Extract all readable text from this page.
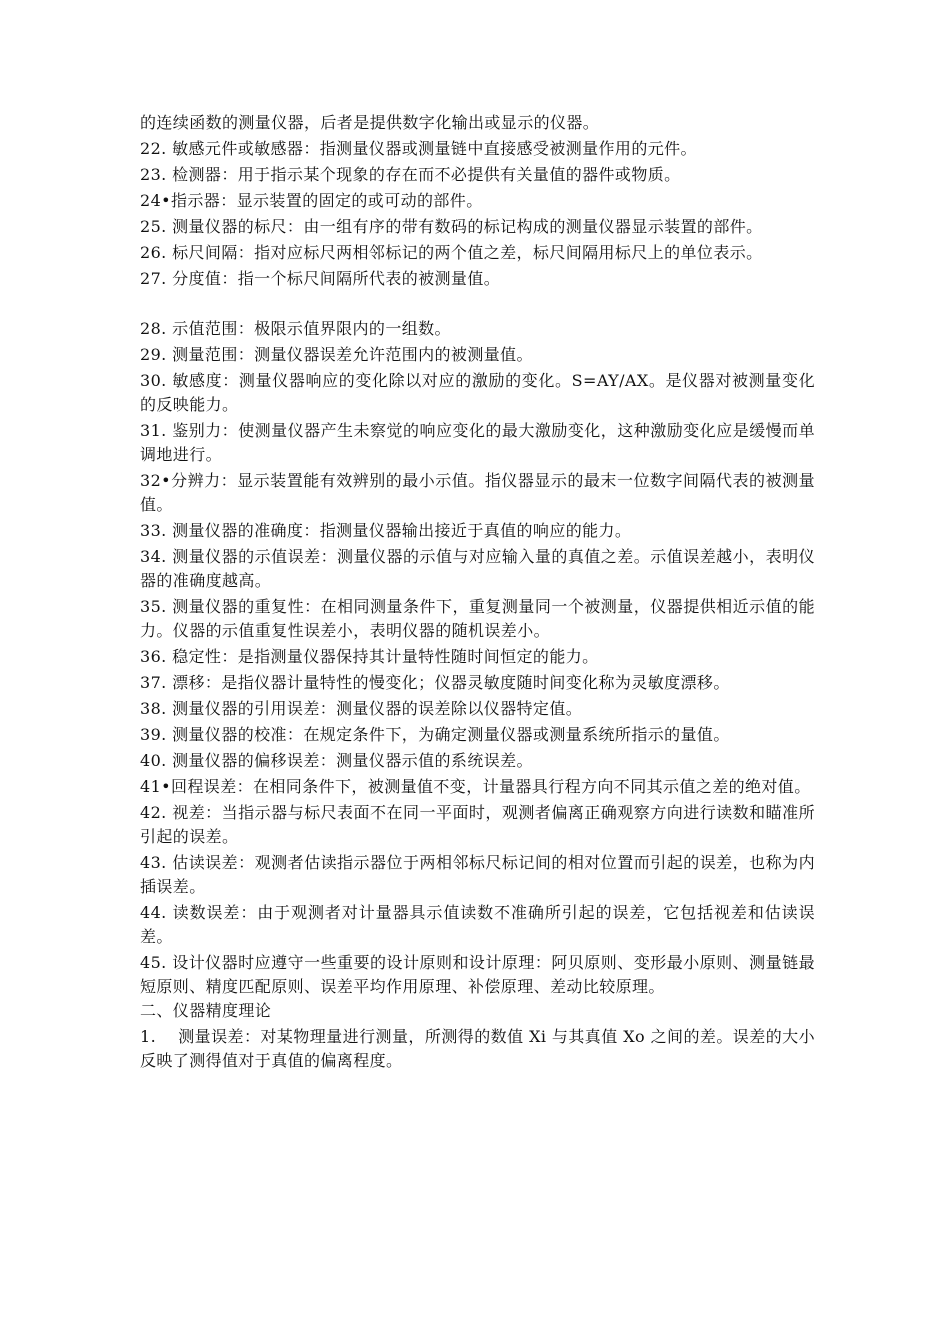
的连续函数的测量仪器，后者是提供数字化输出或显示的仪器。

22. 敏感元件或敏感器：指测量仪器或测量链中直接感受被测量作用的元件。

23. 检测器：用于指示某个现象的存在而不必提供有关量值的器件或物质。

24•指示器：显示装置的固定的或可动的部件。

25. 测量仪器的标尺：由一组有序的带有数码的标记构成的测量仪器显示装置的部件。

26. 标尺间隔：指对应标尺两相邻标记的两个值之差，标尺间隔用标尺上的单位表示。

27. 分度值：指一个标尺间隔所代表的被测量值。

28. 示值范围：极限示值界限内的一组数。

29. 测量范围：测量仪器误差允许范围内的被测量值。

30. 敏感度：测量仪器响应的变化除以对应的激励的变化。S=AY/AX。是仪器对被测量变化的反映能力。

31. 鉴别力：使测量仪器产生未察觉的响应变化的最大激励变化，这种激励变化应是缓慢而单调地进行。

32•分辨力：显示装置能有效辨别的最小示值。指仪器显示的最末一位数字间隔代表的被测量值。

33. 测量仪器的准确度：指测量仪器输出接近于真值的响应的能力。

34. 测量仪器的示值误差：测量仪器的示值与对应输入量的真值之差。示值误差越小，表明仪器的准确度越高。

35. 测量仪器的重复性：在相同测量条件下，重复测量同一个被测量，仪器提供相近示值的能力。仪器的示值重复性误差小，表明仪器的随机误差小。

36. 稳定性：是指测量仪器保持其计量特性随时间恒定的能力。

37. 漂移：是指仪器计量特性的慢变化；仪器灵敏度随时间变化称为灵敏度漂移。

38. 测量仪器的引用误差：测量仪器的误差除以仪器特定值。

39. 测量仪器的校准：在规定条件下，为确定测量仪器或测量系统所指示的量值。

40. 测量仪器的偏移误差：测量仪器示值的系统误差。

41•回程误差：在相同条件下，被测量值不变，计量器具行程方向不同其示值之差的绝对值。

42. 视差：当指示器与标尺表面不在同一平面时，观测者偏离正确观察方向进行读数和瞄准所引起的误差。

43. 估读误差：观测者估读指示器位于两相邻标尺标记间的相对位置而引起的误差，也称为内插误差。

44. 读数误差：由于观测者对计量器具示值读数不准确所引起的误差，它包括视差和估读误差。

45. 设计仪器时应遵守一些重要的设计原则和设计原理：阿贝原则、变形最小原则、测量链最短原则、精度匹配原则、误差平均作用原理、补偿原理、差动比较原理。

二、仪器精度理论

1.    测量误差：对某物理量进行测量，所测得的数值 Xi 与其真值 Xo 之间的差。误差的大小反映了测得值对于真值的偏离程度。
